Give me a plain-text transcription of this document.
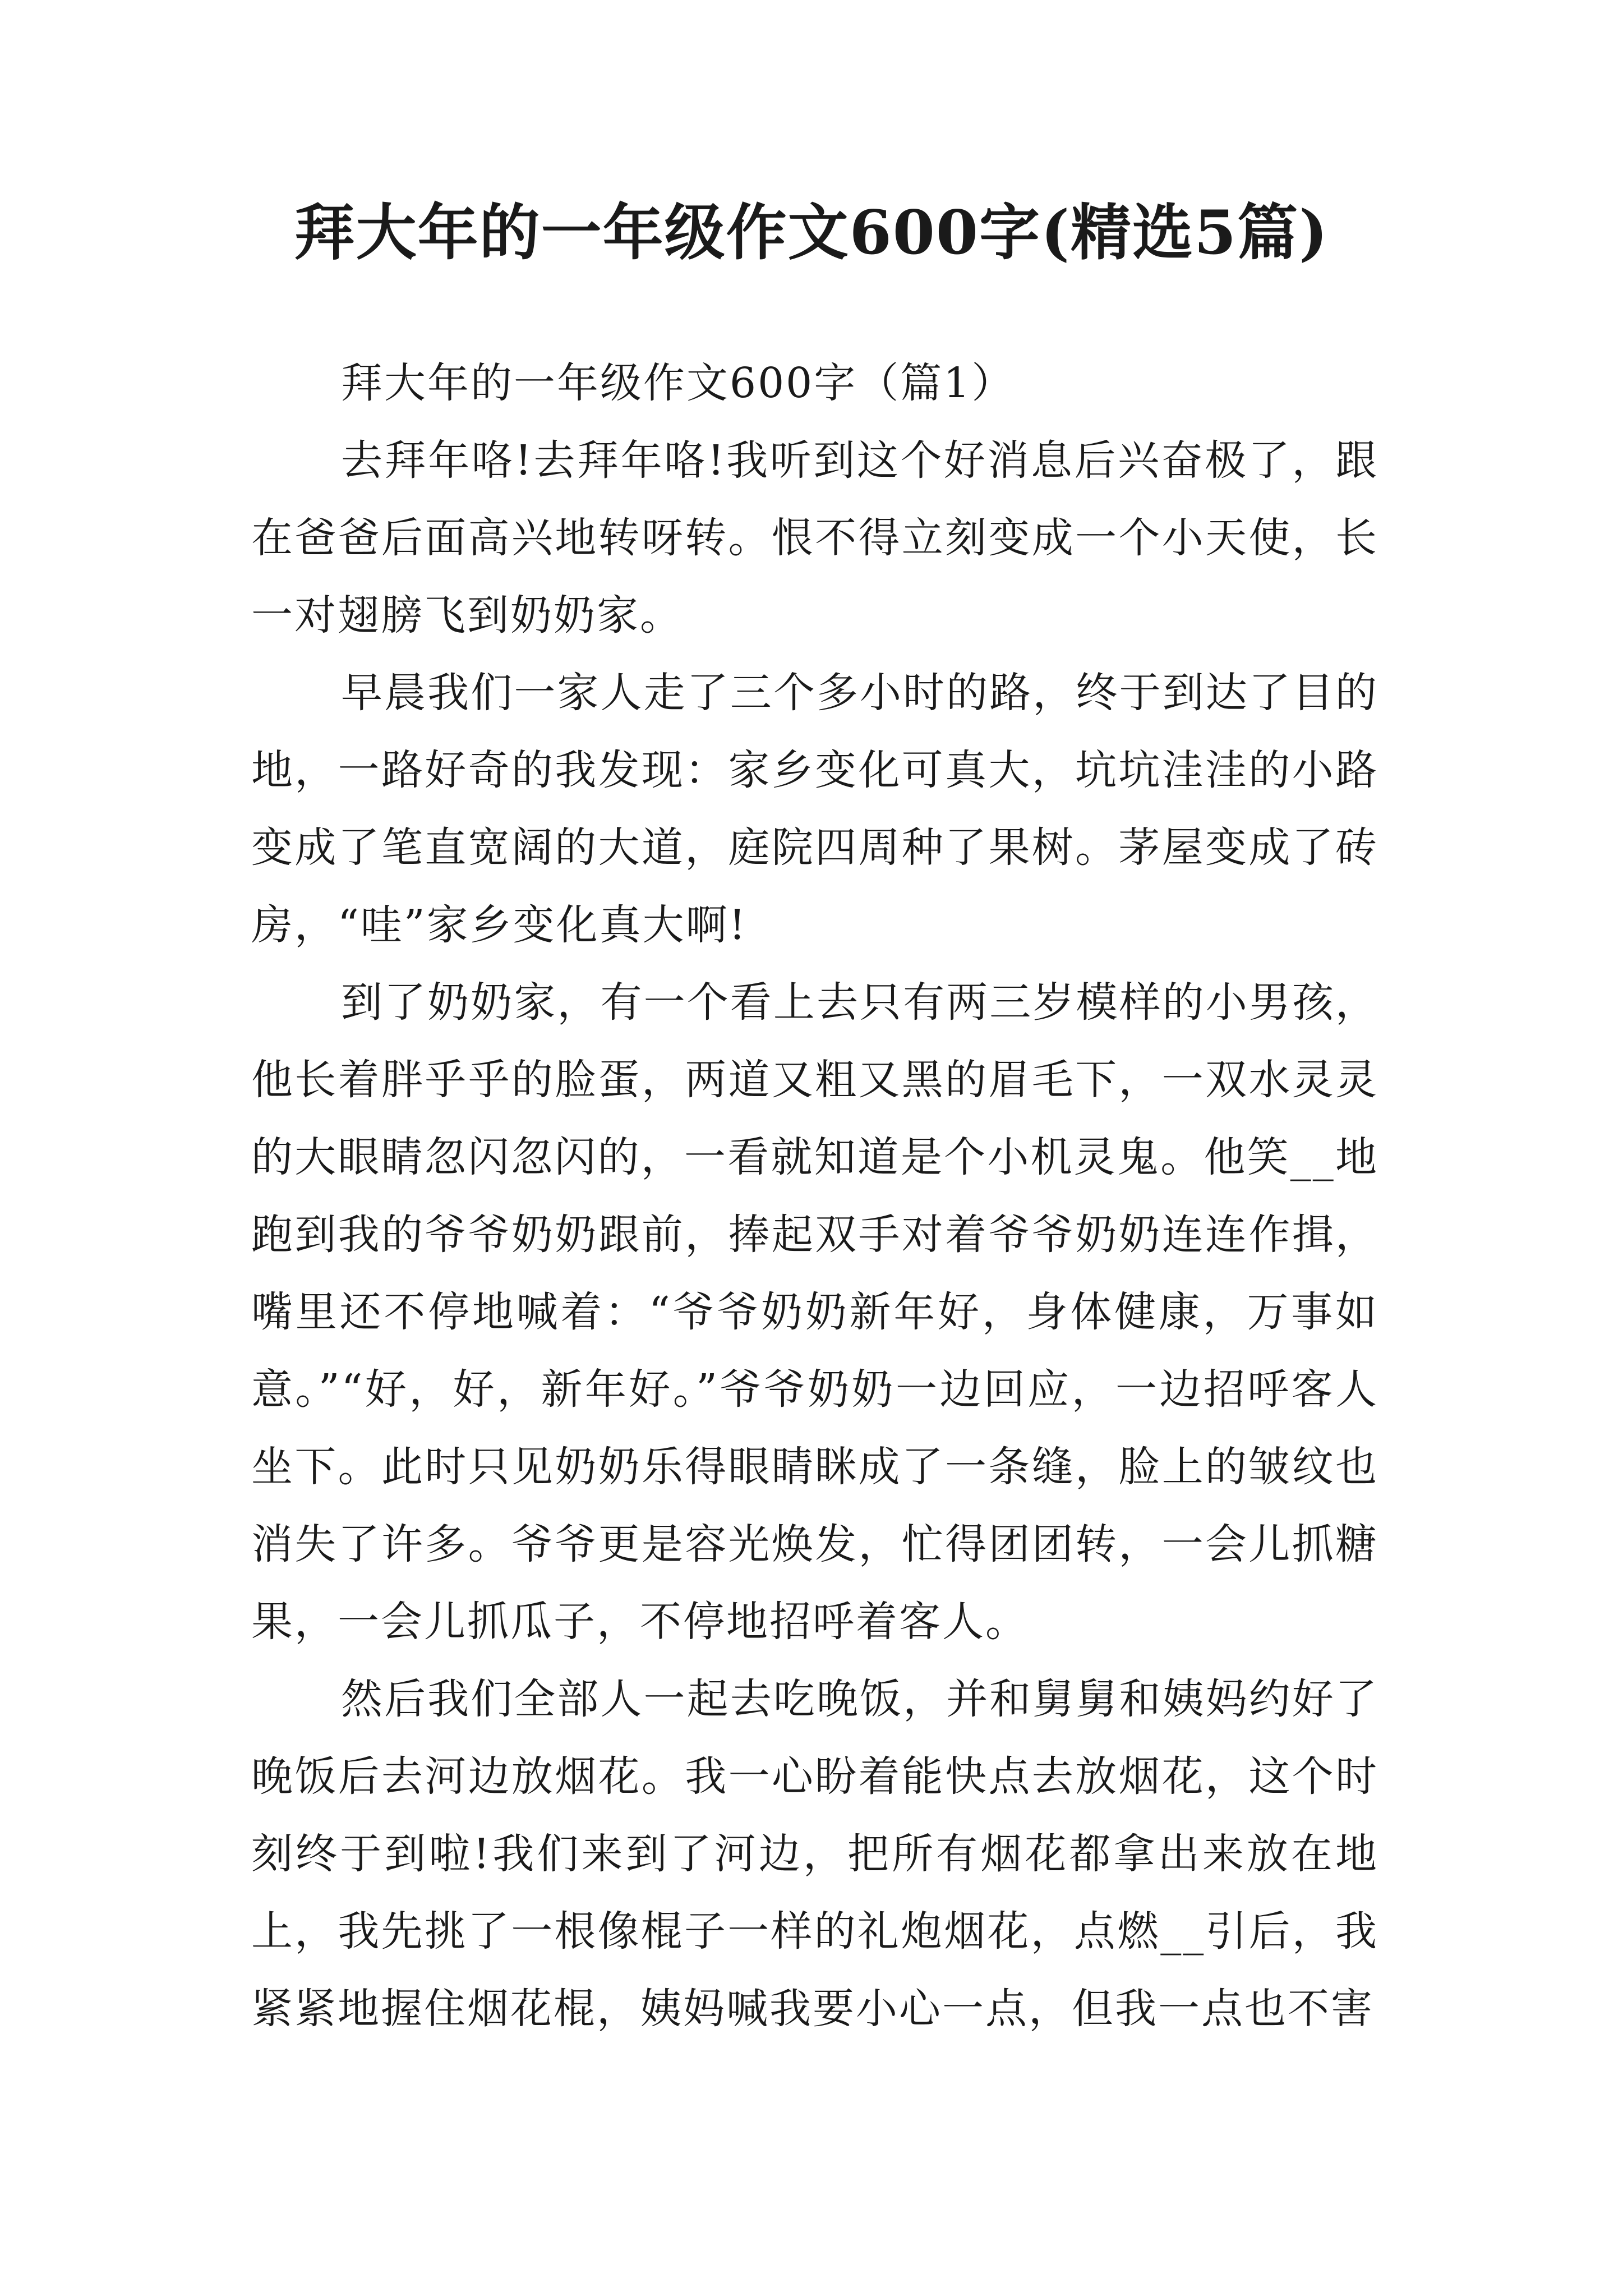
拜大年的一年级作文600字(精选5篇)

拜大年的一年级作文600字（篇1）

去拜年咯!去拜年咯!我听到这个好消息后兴奋极了，跟在爸爸后面高兴地转呀转。恨不得立刻变成一个小天使，长一对翅膀飞到奶奶家。

早晨我们一家人走了三个多小时的路，终于到达了目的地，一路好奇的我发现：家乡变化可真大，坑坑洼洼的小路变成了笔直宽阔的大道，庭院四周种了果树。茅屋变成了砖房，“哇”家乡变化真大啊!

到了奶奶家，有一个看上去只有两三岁模样的小男孩，他长着胖乎乎的脸蛋，两道又粗又黑的眉毛下，一双水灵灵的大眼睛忽闪忽闪的，一看就知道是个小机灵鬼。他笑__地跑到我的爷爷奶奶跟前，捧起双手对着爷爷奶奶连连作揖，嘴里还不停地喊着：“爷爷奶奶新年好，身体健康，万事如意。”“好，好，新年好。”爷爷奶奶一边回应，一边招呼客人坐下。此时只见奶奶乐得眼睛眯成了一条缝，脸上的皱纹也消失了许多。爷爷更是容光焕发，忙得团团转，一会儿抓糖果，一会儿抓瓜子，不停地招呼着客人。

然后我们全部人一起去吃晚饭，并和舅舅和姨妈约好了晚饭后去河边放烟花。我一心盼着能快点去放烟花，这个时刻终于到啦!我们来到了河边，把所有烟花都拿出来放在地上，我先挑了一根像棍子一样的礼炮烟花，点燃__引后，我紧紧地握住烟花棍，姨妈喊我要小心一点，但我一点也不害
